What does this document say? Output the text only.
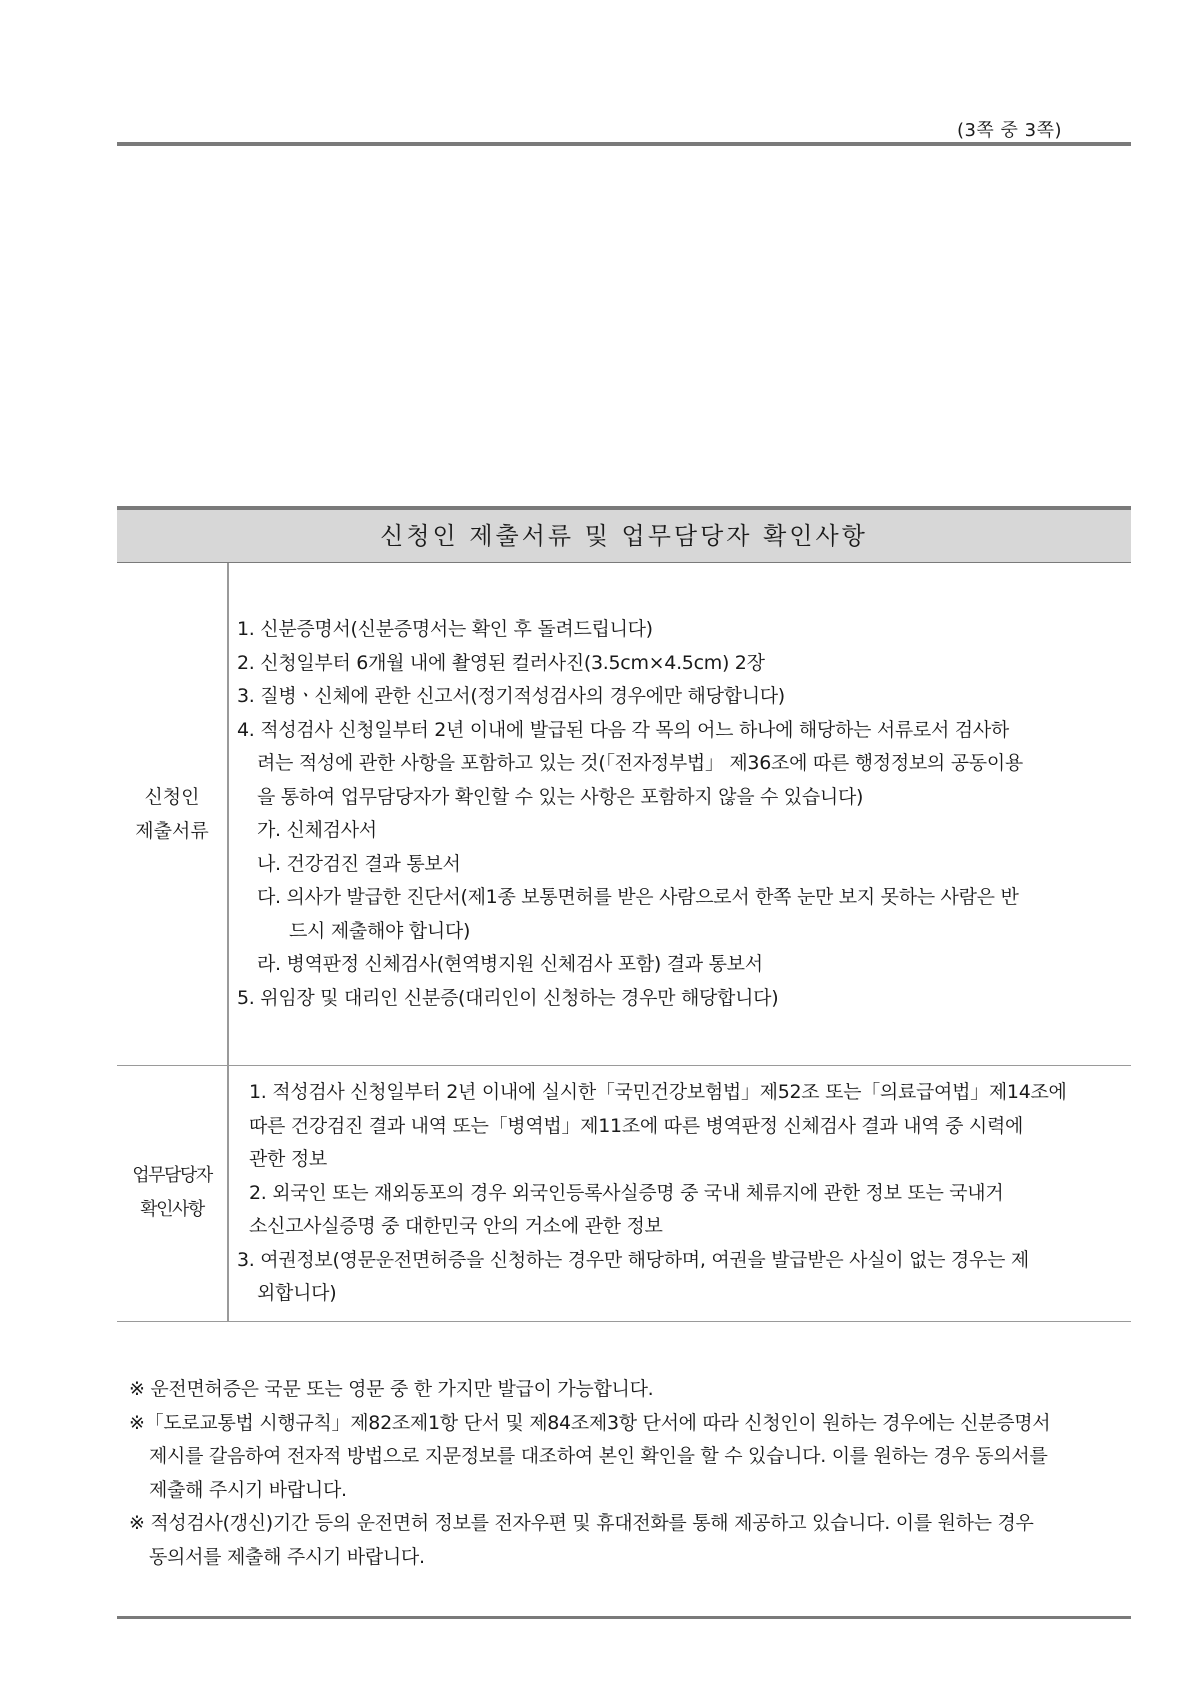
(3쪽 중 3쪽)
신청인 제출서류 및 업무담당자 확인사항
신청인
제출서류
1. 신분증명서(신분증명서는 확인 후 돌려드립니다)
2. 신청일부터 6개월 내에 촬영된 컬러사진(3.5cm×4.5cm) 2장
3. 질병ㆍ신체에 관한 신고서(정기적성검사의 경우에만 해당합니다)
4. 적성검사 신청일부터 2년 이내에 발급된 다음 각 목의 어느 하나에 해당하는 서류로서 검사하
려는 적성에 관한 사항을 포함하고 있는 것(「전자정부법」 제36조에 따른 행정정보의 공동이용
을 통하여 업무담당자가 확인할 수 있는 사항은 포함하지 않을 수 있습니다)
가. 신체검사서
나. 건강검진 결과 통보서
다. 의사가 발급한 진단서(제1종 보통면허를 받은 사람으로서 한쪽 눈만 보지 못하는 사람은 반
드시 제출해야 합니다)
라. 병역판정 신체검사(현역병지원 신체검사 포함) 결과 통보서
5. 위임장 및 대리인 신분증(대리인이 신청하는 경우만 해당합니다)
업무담당자
확인사항
1. 적성검사 신청일부터 2년 이내에 실시한「국민건강보험법」제52조 또는「의료급여법」제14조에
따른 건강검진 결과 내역 또는「병역법」제11조에 따른 병역판정 신체검사 결과 내역 중 시력에
관한 정보
2. 외국인 또는 재외동포의 경우 외국인등록사실증명 중 국내 체류지에 관한 정보 또는 국내거
소신고사실증명 중 대한민국 안의 거소에 관한 정보
3. 여권정보(영문운전면허증을 신청하는 경우만 해당하며, 여권을 발급받은 사실이 없는 경우는 제
외합니다)
※ 운전면허증은 국문 또는 영문 중 한 가지만 발급이 가능합니다.
※「도로교통법 시행규칙」제82조제1항 단서 및 제84조제3항 단서에 따라 신청인이 원하는 경우에는 신분증명서
제시를 갈음하여 전자적 방법으로 지문정보를 대조하여 본인 확인을 할 수 있습니다. 이를 원하는 경우 동의서를
제출해 주시기 바랍니다.
※ 적성검사(갱신)기간 등의 운전면허 정보를 전자우편 및 휴대전화를 통해 제공하고 있습니다. 이를 원하는 경우
동의서를 제출해 주시기 바랍니다.
